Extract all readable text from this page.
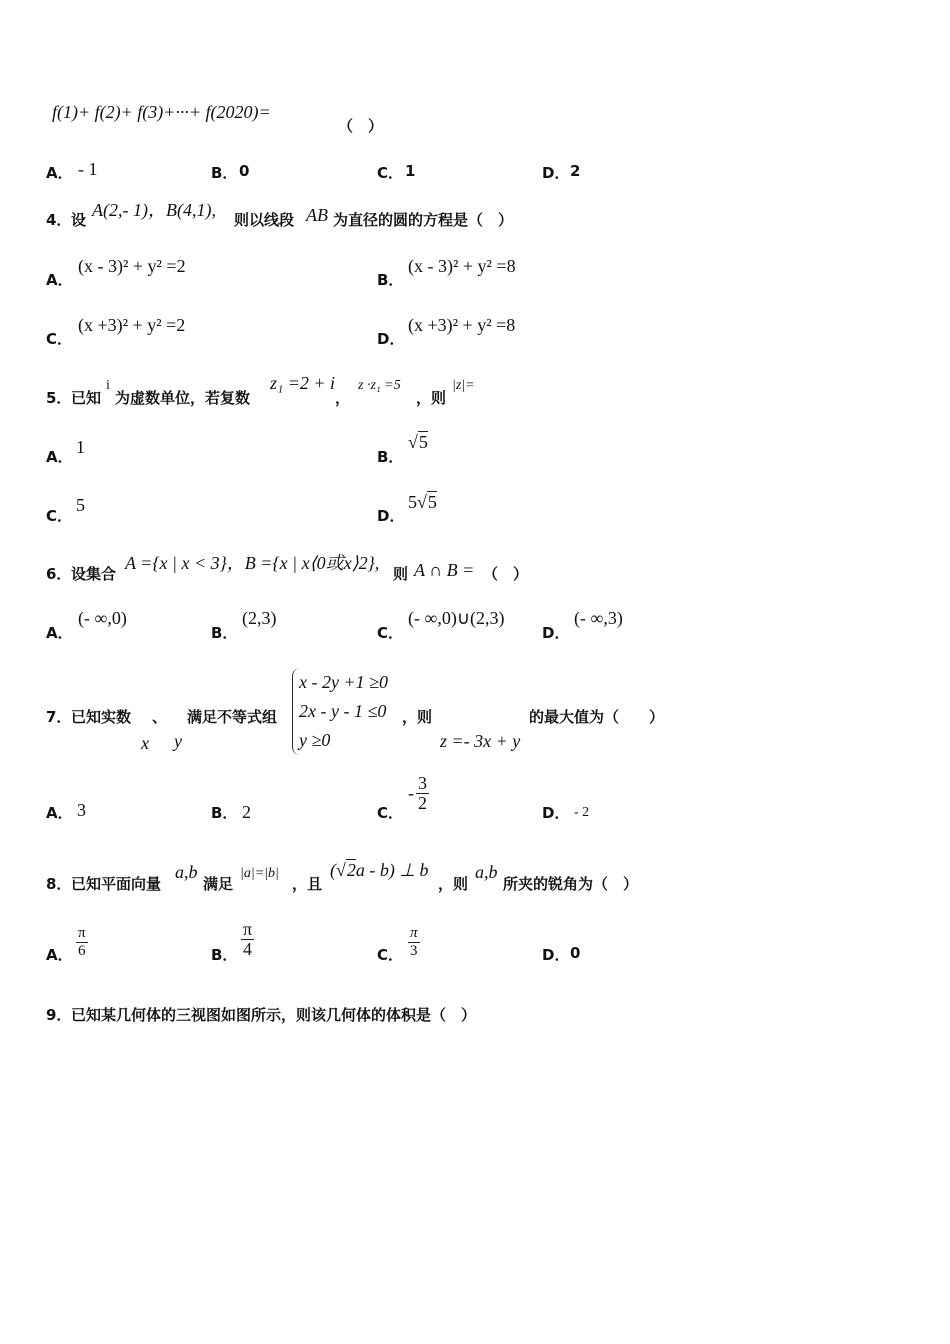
f(1)+ f(2)+ f(3)+···+ f(2020)=
（　）
A． - 1	B． 0	C． 1	D． 2
4． 设 A(2,- 1)，B(4,1), 则以线段 AB 为直径的圆的方程是（　）
A．
(x - 3)² + y² =2
B．
(x - 3)² + y² =8
C．
(x +3)² + y² =2
D．
(x +3)² + y² =8
5． 已知
i
为虚数单位，若复数
z₁ =2 + i
，
z ·z₁ =5
，则
|z|=
A． 1	B．
√5
C．
5
D．
5√5
6． 设集合
A ={x | x < 3}，B ={x | x⟨0或x⟩2},
则 A ∩ B = （　）
A．
(- ∞,0)
B．
(2,3)
C．
(- ∞,0)∪(2,3)
D．
(- ∞,3)
7． 已知实数 、
x y
满足不等式组
x - 2y +1 ≥0
2x - y - 1 ≤0
y ≥0
，则
z =- 3x + y
的最大值为（　　）
A． 3	B． 2	C．
- $\frac{3}{2}$	D． - 2
8． 已知平面向量
a,b
满足
|a|=|b|
，且
(√2a - b) ⊥ b
，则
a,b
所夹的锐角为（　）
A． $\frac{\pi}{6}$	B． $\frac{\pi}{4}$	C． $\frac{\pi}{3}$	D． 0
9． 已知某几何体的三视图如图所示，则该几何体的体积是（　）
